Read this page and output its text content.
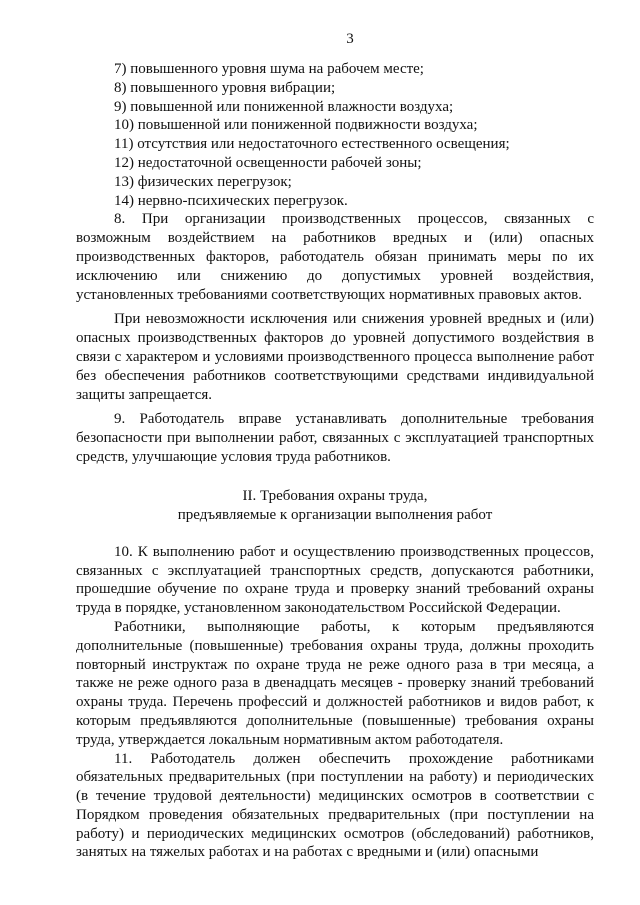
3

7) повышенного уровня шума на рабочем месте;

8) повышенного уровня вибрации;

9) повышенной или пониженной влажности воздуха;

10) повышенной или пониженной подвижности воздуха;

11) отсутствия или недостаточного естественного освещения;

12) недостаточной освещенности рабочей зоны;

13) физических перегрузок;

14) нервно-психических перегрузок.

8. При организации производственных процессов, связанных с возможным воздействием на работников вредных и (или) опасных производственных факторов, работодатель обязан принимать меры по их исключению или снижению до допустимых уровней воздействия, установленных требованиями соответствующих нормативных правовых актов.

При невозможности исключения или снижения уровней вредных и (или) опасных производственных факторов до уровней допустимого воздействия в связи с характером и условиями производственного процесса выполнение работ без обеспечения работников соответствующими средствами индивидуальной защиты запрещается.

9. Работодатель вправе устанавливать дополнительные требования безопасности при выполнении работ, связанных с эксплуатацией транспортных средств, улучшающие условия труда работников.

II. Требования охраны труда,
предъявляемые к организации выполнения работ

10. К выполнению работ и осуществлению производственных процессов, связанных с эксплуатацией транспортных средств, допускаются работники, прошедшие обучение по охране труда и проверку знаний требований охраны труда в порядке, установленном законодательством Российской Федерации.

Работники, выполняющие работы, к которым предъявляются дополнительные (повышенные) требования охраны труда, должны проходить повторный инструктаж по охране труда не реже одного раза в три месяца, а также не реже одного раза в двенадцать месяцев - проверку знаний требований охраны труда. Перечень профессий и должностей работников и видов работ, к которым предъявляются дополнительные (повышенные) требования охраны труда, утверждается локальным нормативным актом работодателя.

11. Работодатель должен обеспечить прохождение работниками обязательных предварительных (при поступлении на работу) и периодических (в течение трудовой деятельности) медицинских осмотров в соответствии с Порядком проведения обязательных предварительных (при поступлении на работу) и периодических медицинских осмотров (обследований) работников, занятых на тяжелых работах и на работах с вредными и (или) опасными
